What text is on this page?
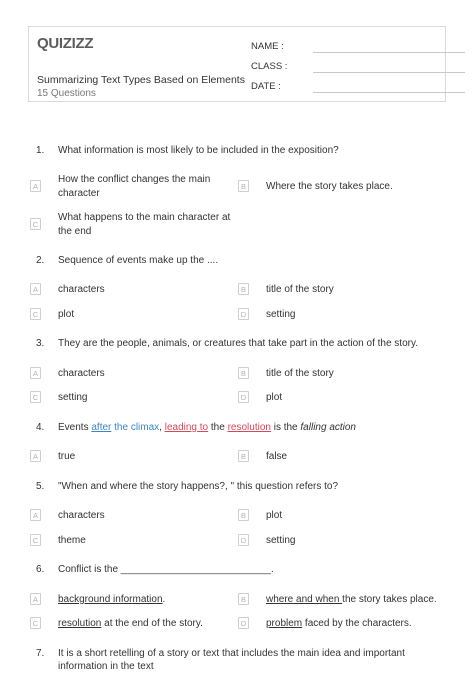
QUIZIZZ
Summarizing Text Types Based on Elements
15 Questions
NAME :
CLASS :
DATE :
1. What information is most likely to be included in the exposition?
A
How the conflict changes the main
character
B	Where the story takes place.
C
What happens to the main character at
the end
2. Sequence of events make up the ....
A	characters	B	title of the story
C plot	D setting
3. They are the people, animals, or creatures that take part in the action of the story.
A	characters	B	title of the story
C setting	D plot
4. Events after the climax, leading to the resolution is the falling action
A	true	B	false
5. "When and where the story happens?, " this question refers to?
A	characters	B	plot
C theme	D setting
6. Conflict is the ___________________________.
A	background information.	B	where and when the story takes place.
C resolution at the end of the story.	D problem faced by the characters.
7. It is a short retelling of a story or text that includes the main idea and important
information in the text
